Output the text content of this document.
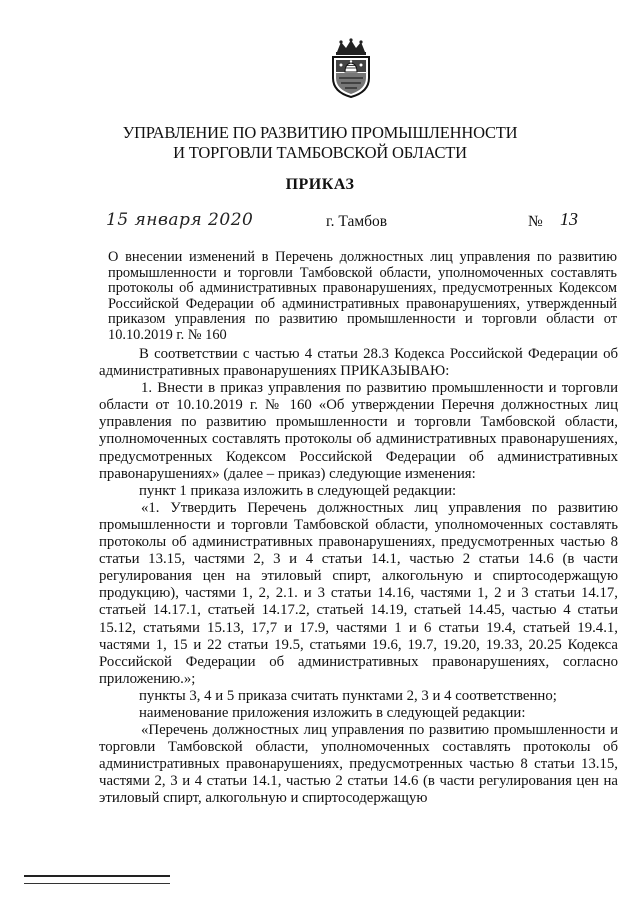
УПРАВЛЕНИЕ ПО РАЗВИТИЮ ПРОМЫШЛЕННОСТИ
И ТОРГОВЛИ ТАМБОВСКОЙ ОБЛАСТИ
ПРИКАЗ
15 января 2020	г. Тамбов	№ 13
О внесении изменений в Перечень должностных лиц управления по развитию промышленности и торговли Тамбовской области, уполномоченных составлять протоколы об административных правонарушениях, предусмотренных Кодексом Российской Федерации об административных правонарушениях, утвержденный приказом управления по развитию промышленности и торговли области от 10.10.2019 г. № 160

В соответствии с частью 4 статьи 28.3 Кодекса Российской Федерации об административных правонарушениях ПРИКАЗЫВАЮ:

1. Внести в приказ управления по развитию промышленности и торговли области от 10.10.2019 г. № 160 «Об утверждении Перечня должностных лиц управления по развитию промышленности и торговли Тамбовской области, уполномоченных составлять протоколы об административных правонарушениях, предусмотренных Кодексом Российской Федерации об административных правонарушениях» (далее – приказ) следующие изменения:

пункт 1 приказа изложить в следующей редакции:

«1. Утвердить Перечень должностных лиц управления по развитию промышленности и торговли Тамбовской области, уполномоченных составлять протоколы об административных правонарушениях, предусмотренных частью 8 статьи 13.15, частями 2, 3 и 4 статьи 14.1, частью 2 статьи 14.6 (в части регулирования цен на этиловый спирт, алкогольную и спиртосодержащую продукцию), частями 1, 2, 2.1. и 3 статьи 14.16, частями 1, 2 и 3 статьи 14.17, статьей 14.17.1, статьей 14.17.2, статьей 14.19, статьей 14.45, частью 4 статьи 15.12, статьями 15.13, 17,7 и 17.9, частями 1 и 6 статьи 19.4, статьей 19.4.1, частями 1, 15 и 22 статьи 19.5, статьями 19.6, 19.7, 19.20, 19.33, 20.25 Кодекса Российской Федерации об административных правонарушениях, согласно приложению.»;

пункты 3, 4 и 5 приказа считать пунктами 2, 3 и 4 соответственно;

наименование приложения изложить в следующей редакции:

«Перечень должностных лиц управления по развитию промышленности и торговли Тамбовской области, уполномоченных составлять протоколы об административных правонарушениях, предусмотренных частью 8 статьи 13.15, частями 2, 3 и 4 статьи 14.1, частью 2 статьи 14.6 (в части регулирования цен на этиловый спирт, алкогольную и спиртосодержащую
